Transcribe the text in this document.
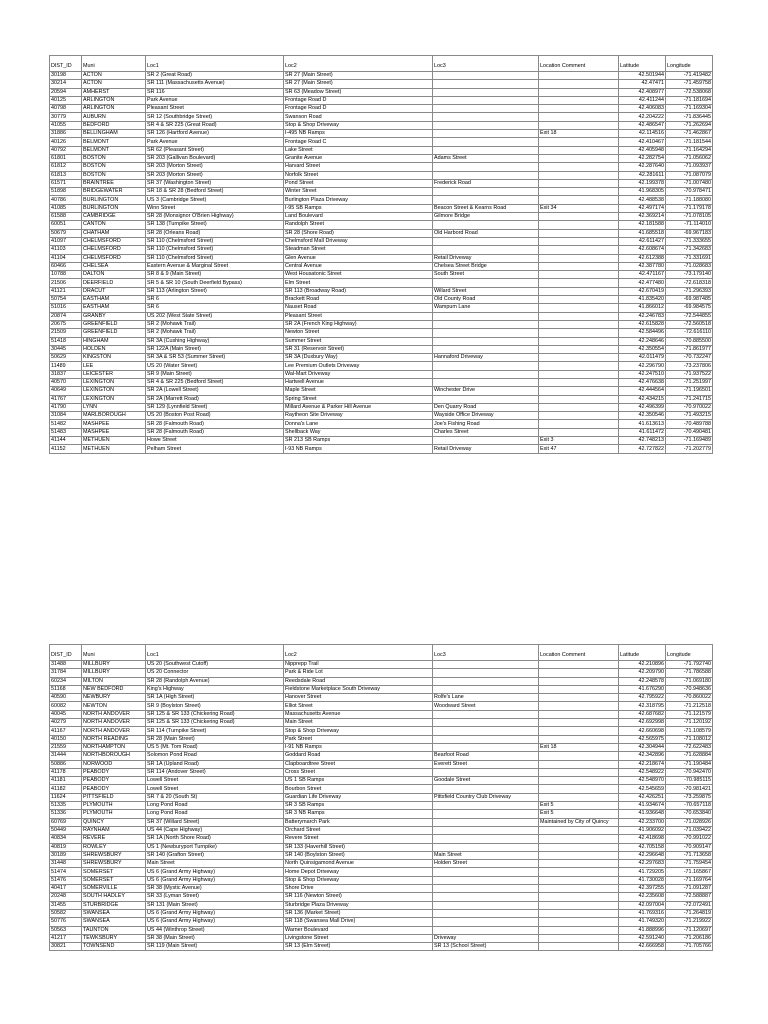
DIST_ID	Muni	Loc1	Loc2	Loc3	Location Comment	Latitude	Longitude
30198	ACTON	SR 2 (Great Road)	SR 27 (Main Street)			42.501944	-71.419482
30214	ACTON	SR 111 (Massachusetts Avenue)	SR 27 (Main Street)			42.47471	-71.459758
20594	AMHERST	SR 116	SR 63 (Meadow Street)			42.408977	-72.538068
40125	ARLINGTON	Park Avenue	Frontage Road D			42.411244	-71.181694
40798	ARLINGTON	Pleasant Street	Frontage Road D			42.406083	-71.169304
30779	AUBURN	SR 12 (Southbridge Street)	Swanson Road			42.204222	-71.836445
41055	BEDFORD	SR 4 & SR 225 (Great Road)	Stop & Shop Driveway			42.486547	-71.262694
31886	BELLINGHAM	SR 126 (Hartford Avenue)	I-495 NB Ramps		Exit 18	42.114516	-71.462867
40126	BELMONT	Park Avenue	Frontage Road C			42.410467	-71.181544
40792	BELMONT	SR 62 (Pleasant Street)	Lake Street			42.405948	-71.164294
61801	BOSTON	SR 203 (Gallivan Boulevard)	Granite Avenue	Adams Street		42.282754	-71.056062
61812	BOSTON	SR 203 (Morton Street)	Harvard Street			42.287640	-71.093937
61813	BOSTON	SR 203 (Morton Street)	Norfolk Street			42.281611	-71.087079
61571	BRAINTREE	SR 37 (Washington Street)	Pond Street	Frederick Road		42.199378	-71.007480
51898	BRIDGEWATER	SR 18 & SR 28 (Bedford Street)	Winter Street			41.968305	-70.978471
40786	BURLINGTON	US 3 (Cambridge Street)	Burlington Plaza Driveway			42.488538	-71.188080
41085	BURLINGTON	Winn Street	I-95 SB Ramps	Beacon Street & Kearns Road	Exit 34	42.497174	-71.179178
61588	CAMBRIDGE	SR 28 (Monsignor O'Brien Highway)	Land Boulevard	Gilmore Bridge		42.369214	-71.078105
60051	CANTON	SR 138 (Turnpike Street)	Randolph Street			42.181588	-71.114010
50679	CHATHAM	SR 28 (Orleans Road)	SR 28 (Shore Road)	Old Harbord Road		41.685518	-69.967183
41097	CHELMSFORD	SR 110 (Chelmsford Street)	Chelmsford Mall Driveway			42.611427	-71.333655
41103	CHELMSFORD	SR 110 (Chelmsford Street)	Steadman Street			42.608674	-71.342683
41104	CHELMSFORD	SR 110 (Chelmsford Street)	Glen Avenue	Retail Driveway		42.612388	-71.331691
60466	CHELSEA	Eastern Avenue & Marginal Street	Central Avenue	Chelsea Street Bridge		42.387780	-71.028683
10788	DALTON	SR 8 & 9 (Main Street)	West Housatonic Street	South Street		42.471167	-73.179140
21506	DEERFIELD	SR 5 & SR 10 (South Deerfield Bypass)	Elm Street			42.477480	-72.618318
41121	DRACUT	SR 113 (Arlington Street)	SR 113 (Broadway Road)	Willard Street		42.670419	-71.296393
50754	EASTHAM	SR 6	Brackett Road	Old County Road		41.835420	-69.987485
51016	EASTHAM	SR 6	Nauset Road	Wampum Lane		41.866012	-69.984575
20874	GRANBY	US 202 (West State Street)	Pleasant Street			42.246783	-72.544855
20675	GREENFIELD	SR 2 (Mohawk Trail)	SR 2A (French King Highway)			42.615828	-72.560518
21509	GREENFIELD	SR 2 (Mohawk Trail)	Newton Street			42.584496	-72.616110
51418	HINGHAM	SR 3A (Cushing Highway)	Summer Street			42.248646	-70.885500
30445	HOLDEN	SR 122A (Main Street)	SR 31 (Reservoir Street)			42.350554	-71.861977
50629	KINGSTON	SR 3A & SR 53 (Summer Street)	SR 3A (Duxbury Way)	Hannaford Driveway		42.011479	-70.732247
11489	LEE	US 20 (Water Street)	Lee Premium Outlets Driveway			42.296790	-73.237806
31837	LEICESTER	SR 9 (Main Street)	Wal-Mart Driveway			42.247510	-71.937522
40570	LEXINGTON	SR 4 & SR 225 (Bedford Street)	Hartwell Avenue			42.476638	-71.251997
40649	LEXINGTON	SR 2A (Lowell Street)	Maple Street	Winchester Drive		42.444564	-71.196501
41767	LEXINGTON	SR 2A (Marrett Road)	Spring Street			42.434215	-71.241715
41790	LYNN	SR 129 (Lynnfield Street)	Millard Avenue & Parker Hill Avenue	Den Quarry Road		42.496399	-70.970022
31084	MARLBOROUGH	US 20 (Boston Post Road)	Raytheon Site Driveway	Wayside Office Driveway		42.350546	-71.493215
51482	MASHPEE	SR 28 (Falmouth Road)	Donna's Lane	Joe's Fishing Road		41.613613	-70.489788
51483	MASHPEE	SR 28 (Falmouth Road)	Shellback Way	Charles Street		41.611472	-70.490481
41144	METHUEN	Howe Street	SR 213 SB Ramps		Exit 3	42.748213	-71.169489
41152	METHUEN	Pelham Street	I-93 NB Ramps	Retail Driveway	Exit 47	42.727822	-71.202779
DIST_ID	Muni	Loc1	Loc2	Loc3	Location Comment	Latitude	Longitude
31488	MILLBURY	US 20 (Southwest Cutoff)	Nipprepp Trail			42.210896	-71.792740
31784	MILLBURY	US 20 Connector	Park & Ride Lot			42.209790	-71.786588
60234	MILTON	SR 28 (Randolph Avenue)	Reedsdale Road			42.248578	-71.069180
51168	NEW BEDFORD	King's Highway	Fieldstone Marketplace South Driveway			41.676290	-70.948636
40590	NEWBURY	SR 1A (High Street)	Hanover Street	Rolfe's Lane		42.795922	-70.860022
60082	NEWTON	SR 9 (Boylston Street)	Elliot Street	Woodward Street		42.318795	-71.212518
40045	NORTH ANDOVER	SR 125 & SR 133 (Chickering Road)	Massachusetts Avenue			42.687682	-71.121579
40279	NORTH ANDOVER	SR 125 & SR 133 (Chickering Road)	Main Street			42.692998	-71.120192
41167	NORTH ANDOVER	SR 114 (Turnpike Street)	Stop & Shop Driveway			42.660698	-71.108579
40150	NORTH READING	SR 28 (Main Street)	Park Street			42.565975	-71.108012
21559	NORTHAMPTON	US 5 (Mt. Tom Road)	I-91 NB Ramps		Exit 18	42.304944	-72.622483
31444	NORTHBOROUGH	Solomon Pond Road	Goddard Road	Bearfoot Road		42.342896	-71.628884
50886	NORWOOD	SR 1A (Upland Road)	Clapboardtree Street	Everett Street		42.218674	-71.190484
41178	PEABODY	SR 114 (Andover Street)	Cross Street			42.548922	-70.942470
41181	PEABODY	Lowell Street	US 1 SB Ramps	Goodale Street		42.548970	-70.985115
41182	PEABODY	Lowell Street	Bourbon Street			42.545659	-70.981421
11624	PITTSFIELD	SR 7 & 20 (South St)	Guardian Life Driveway	Pittsfield Country Club Driveway		42.426251	-73.259875
51335	PLYMOUTH	Long Pond Road	SR 3 SB Ramps		Exit 5	41.934674	-70.657118
51336	PLYMOUTH	Long Pond Road	SR 3 NB Ramps		Exit 5	41.936648	-70.653840
60769	QUINCY	SR 37 (Willard Street)	Batterymarch Park		Maintained by City of Quincy	42.233700	-71.028926
50449	RAYNHAM	US 44 (Cape Highway)	Orchard Street			41.906092	-71.039422
40834	REVERE	SR 1A (North Shore Road)	Revere Street			42.418698	-70.991022
40819	ROWLEY	US 1 (Newburyport Turnpike)	SR 133 (Haverhill Street)			42.705158	-70.909147
30189	SHREWSBURY	SR 140 (Grafton Street)	SR 140 (Boylston Street)	Main Street		42.296648	-71.713658
31448	SHREWSBURY	Main Street	North Quinsigamond Avenue	Holden Street		42.297683	-71.759454
51474	SOMERSET	US 6 (Grand Army Highway)	Home Depot Driveway			41.729205	-71.165867
51476	SOMERSET	US 6 (Grand Army Highway)	Stop & Shop Driveway			41.730028	-71.169764
40417	SOMERVILLE	SR 38 (Mystic Avenue)	Shore Drive			42.397255	-71.091287
20248	SOUTH HADLEY	SR 33 (Lyman Street)	SR 116 (Newton Street)			42.235608	-72.588887
31455	STURBRIDGE	SR 131 (Main Street)	Sturbridge Plaza Driveway			42.097004	-72.072491
50582	SWANSEA	US 6 (Grand Army Highway)	SR 136 (Market Street)			41.769316	-71.264819
50776	SWANSEA	US 6 (Grand Army Highway)	SR 118 (Swansea Mall Drive)			41.749320	-71.219922
50563	TAUNTON	US 44 (Winthrop Street)	Warner Boulevard			41.888996	-71.120697
41217	TEWKSBURY	SR 38 (Main Street)	Livingstone Street	Driveway		42.591240	-71.206186
30821	TOWNSEND	SR 119 (Main Street)	SR 13 (Elm Street)	SR 13 (School Street)		42.666958	-71.705766
